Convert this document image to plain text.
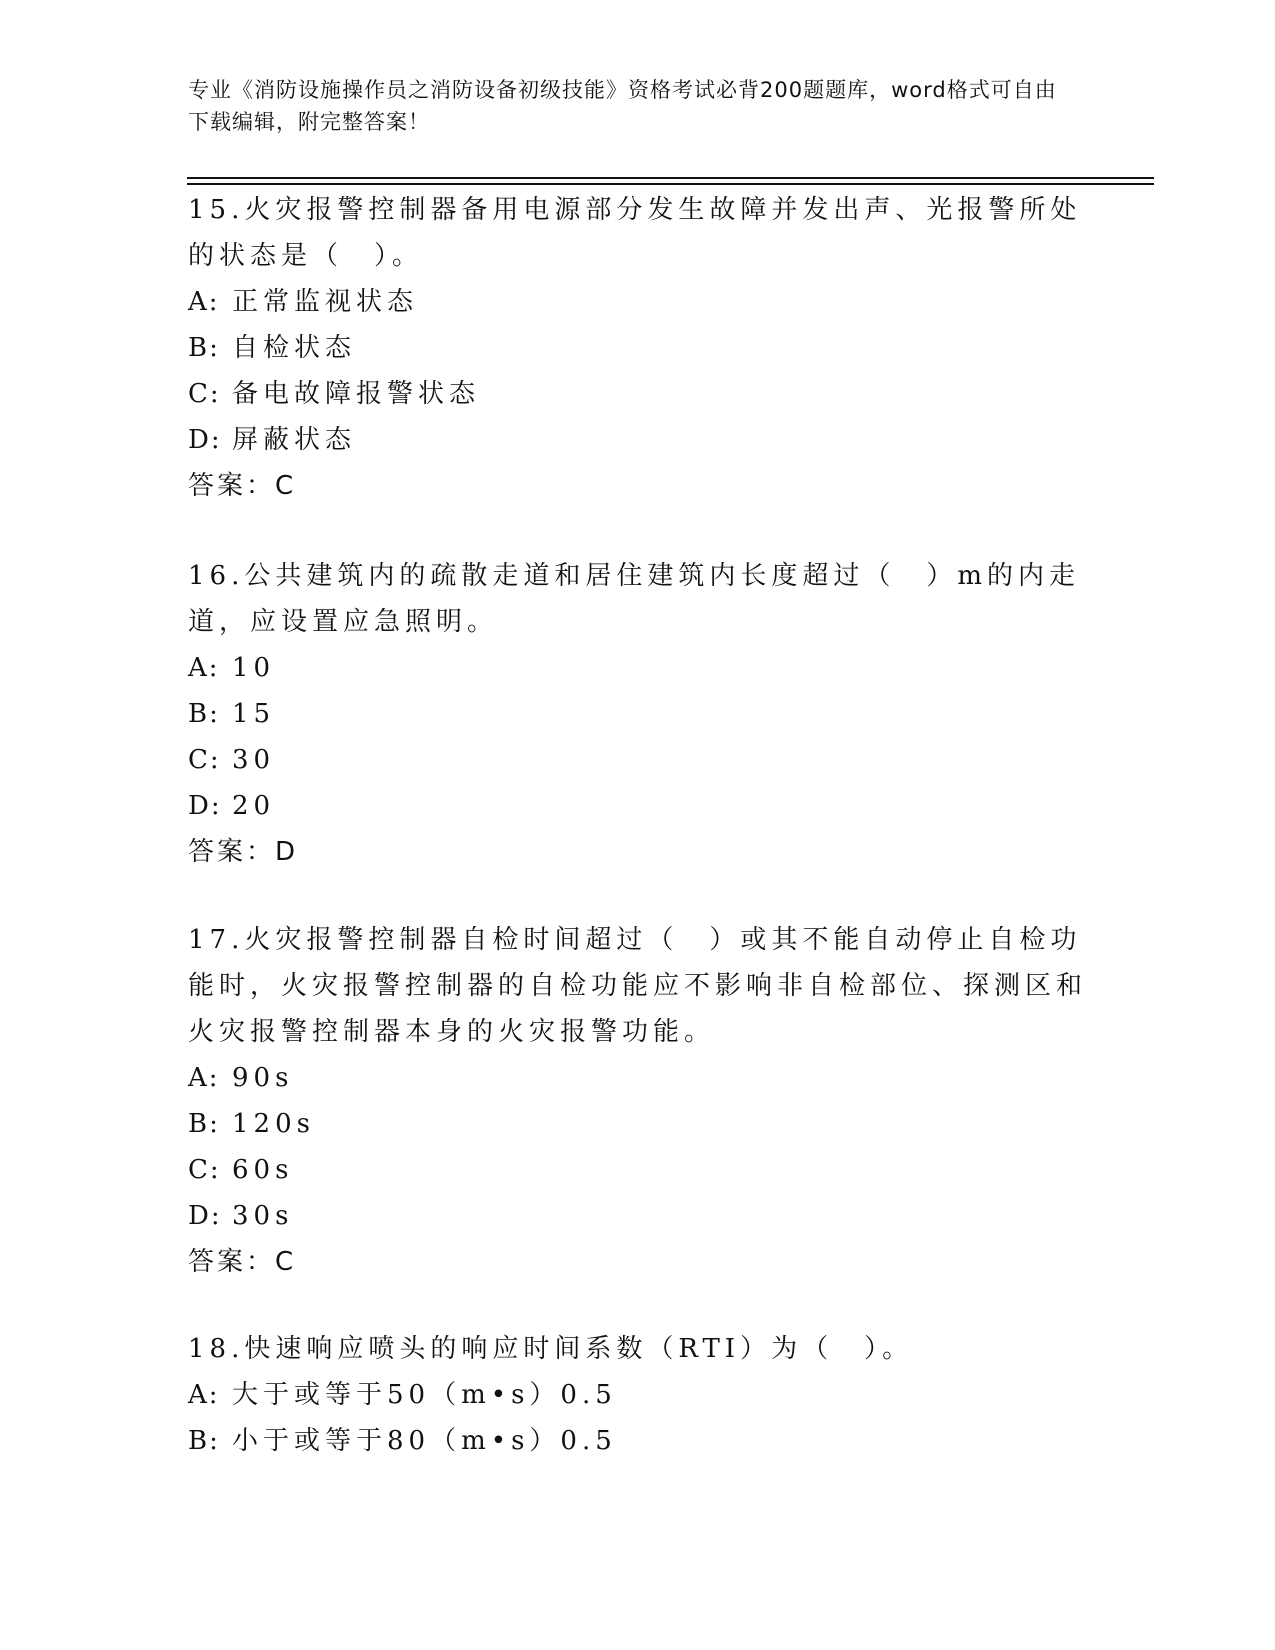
专业《消防设施操作员之消防设备初级技能》资格考试必背200题题库，word格式可自由下载编辑，附完整答案！

15.火灾报警控制器备用电源部分发生故障并发出声、光报警所处的状态是（　）。

A: 正常监视状态

B: 自检状态

C: 备电故障报警状态

D: 屏蔽状态

答案：C

16.公共建筑内的疏散走道和居住建筑内长度超过（　）m的内走道，应设置应急照明。

A: 10

B: 15

C: 30

D: 20

答案：D

17.火灾报警控制器自检时间超过（　）或其不能自动停止自检功能时，火灾报警控制器的自检功能应不影响非自检部位、探测区和火灾报警控制器本身的火灾报警功能。

A: 90s

B: 120s

C: 60s

D: 30s

答案：C

18.快速响应喷头的响应时间系数（RTI）为（　）。

A: 大于或等于50（m•s）0.5

B: 小于或等于80（m•s）0.5
